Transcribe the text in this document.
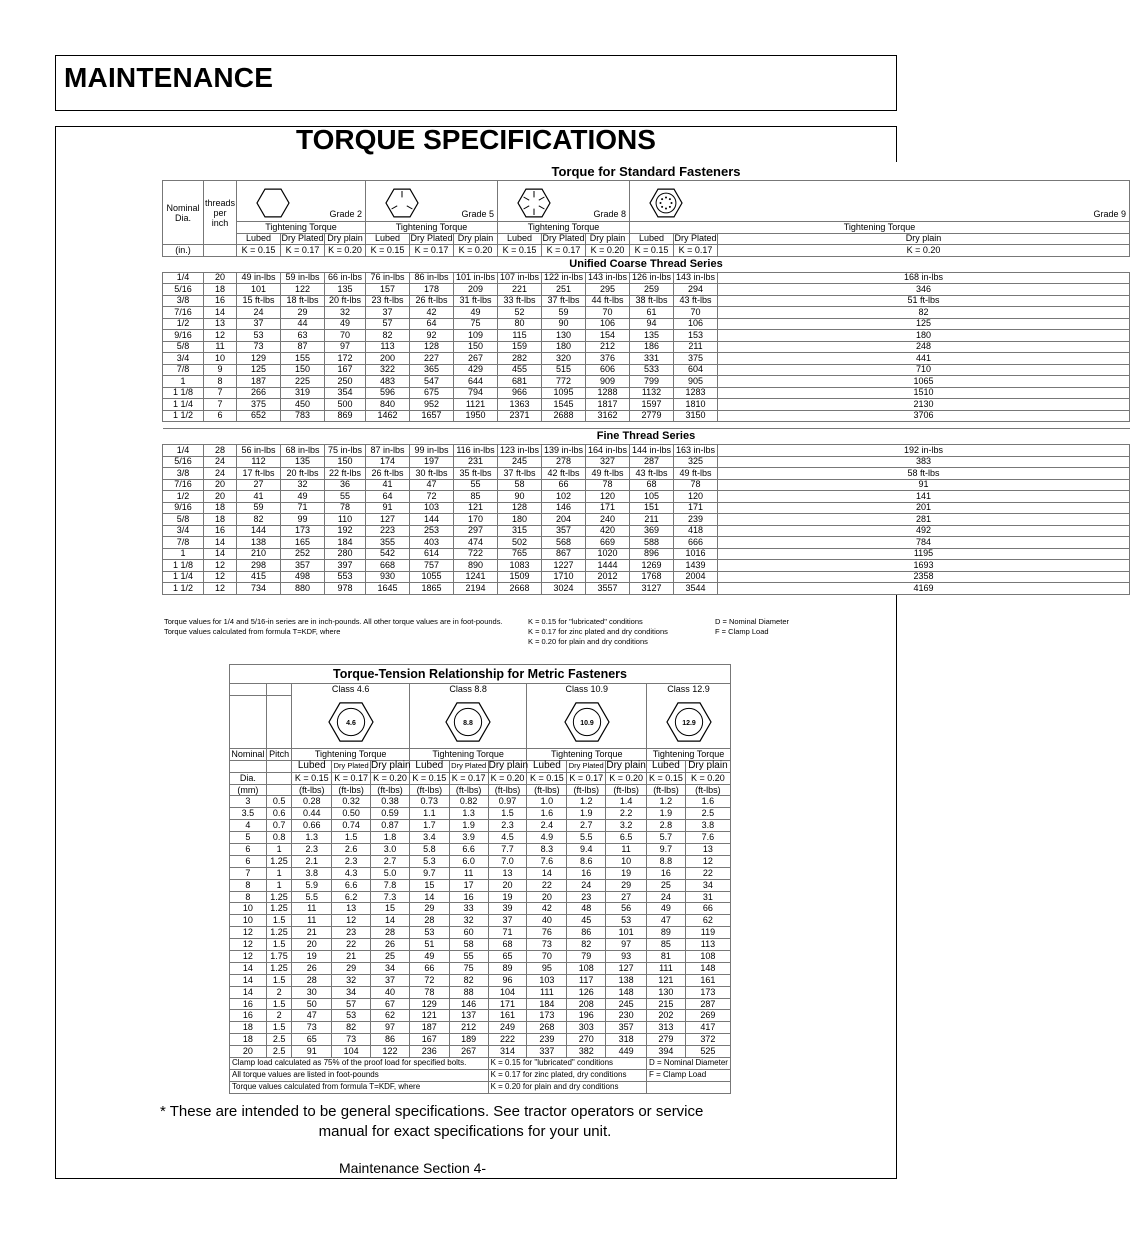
MAINTENANCE
TORQUE SPECIFICATIONS
Torque for Standard Fasteners														
Nominal Dia.	threads per inch	Grade 2			Grade 5			Grade 8			Grade 9			

		Tightening Torque			Tightening Torque			Tightening Torque			Tightening Torque			
		Lubed	Dry Plated	Dry plain	Lubed	Dry Plated	Dry plain	Lubed	Dry Plated	Dry plain	Lubed	Dry Plated	Dry plain	
(in.)		K = 0.15	K = 0.17	K = 0.20	K = 0.15	K = 0.17	K = 0.20	K = 0.15	K = 0.17	K = 0.20	K = 0.15	K = 0.17	K = 0.20	
Unified Coarse Thread Series														
1/4	20	49 in-lbs	59 in-lbs	66 in-lbs	76 in-lbs	86 in-lbs	101 in-lbs	107 in-lbs	122 in-lbs	143 in-lbs	126 in-lbs	143 in-lbs	168 in-lbs	
5/16	18	101	122	135	157	178	209	221	251	295	259	294	346	
3/8	16	15 ft-lbs	18 ft-lbs	20 ft-lbs	23 ft-lbs	26 ft-lbs	31 ft-lbs	33 ft-lbs	37 ft-lbs	44 ft-lbs	38 ft-lbs	43 ft-lbs	51 ft-lbs	
7/16	14	24	29	32	37	42	49	52	59	70	61	70	82	
1/2	13	37	44	49	57	64	75	80	90	106	94	106	125	
9/16	12	53	63	70	82	92	109	115	130	154	135	153	180	
5/8	11	73	87	97	113	128	150	159	180	212	186	211	248	
3/4	10	129	155	172	200	227	267	282	320	376	331	375	441	
7/8	9	125	150	167	322	365	429	455	515	606	533	604	710	
1	8	187	225	250	483	547	644	681	772	909	799	905	1065	
1 1/8	7	266	319	354	596	675	794	966	1095	1288	1132	1283	1510	
1 1/4	7	375	450	500	840	952	1121	1363	1545	1817	1597	1810	2130	
1 1/2	6	652	783	869	1462	1657	1950	2371	2688	3162	2779	3150	3706	

Fine Thread Series														
1/4	28	56 in-lbs	68 in-lbs	75 in-lbs	87 in-lbs	99 in-lbs	116 in-lbs	123 in-lbs	139 in-lbs	164 in-lbs	144 in-lbs	163 in-lbs	192 in-lbs	
5/16	24	112	135	150	174	197	231	245	278	327	287	325	383	
3/8	24	17 ft-lbs	20 ft-lbs	22 ft-lbs	26 ft-lbs	30 ft-lbs	35 ft-lbs	37 ft-lbs	42 ft-lbs	49 ft-lbs	43 ft-lbs	49 ft-lbs	58 ft-lbs	
7/16	20	27	32	36	41	47	55	58	66	78	68	78	91	
1/2	20	41	49	55	64	72	85	90	102	120	105	120	141	
9/16	18	59	71	78	91	103	121	128	146	171	151	171	201	
5/8	18	82	99	110	127	144	170	180	204	240	211	239	281	
3/4	16	144	173	192	223	253	297	315	357	420	369	418	492	
7/8	14	138	165	184	355	403	474	502	568	669	588	666	784	
1	14	210	252	280	542	614	722	765	867	1020	896	1016	1195	
1 1/8	12	298	357	397	668	757	890	1083	1227	1444	1269	1439	1693	
1 1/4	12	415	498	553	930	1055	1241	1509	1710	2012	1768	2004	2358	
1 1/2	12	734	880	978	1645	1865	2194	2668	3024	3557	3127	3544	4169	
Torque values for 1/4 and 5/16-in series are in inch-pounds. All other torque values are in foot-pounds.
Torque values calculated from formula T=KDF, where
K = 0.15 for "lubricated" conditions
K = 0.17 for zinc plated and dry conditions
K = 0.20 for plain and dry conditions
D = Nominal Diameter
F = Clamp Load
Torque-Tension Relationship for Metric Fasteners												
		Class 4.6			Class 8.8			Class 10.9			Class 12.9	

4.6			8.8			10.9			12.9	

Nominal	Pitch	Tightening Torque			Tightening Torque			Tightening Torque			Tightening Torque	
		Lubed	Dry Plated	Dry plain	Lubed	Dry Plated	Dry plain	Lubed	Dry Plated	Dry plain	Lubed	Dry plain
Dia.		K = 0.15	K = 0.17	K = 0.20	K = 0.15	K = 0.17	K = 0.20	K = 0.15	K = 0.17	K = 0.20	K = 0.15	K = 0.20
(mm)		(ft-lbs)	(ft-lbs)	(ft-lbs)	(ft-lbs)	(ft-lbs)	(ft-lbs)	(ft-lbs)	(ft-lbs)	(ft-lbs)	(ft-lbs)	(ft-lbs)
3	0.5	0.28	0.32	0.38	0.73	0.82	0.97	1.0	1.2	1.4	1.2	1.6
3.5	0.6	0.44	0.50	0.59	1.1	1.3	1.5	1.6	1.9	2.2	1.9	2.5
4	0.7	0.66	0.74	0.87	1.7	1.9	2.3	2.4	2.7	3.2	2.8	3.8
5	0.8	1.3	1.5	1.8	3.4	3.9	4.5	4.9	5.5	6.5	5.7	7.6
6	1	2.3	2.6	3.0	5.8	6.6	7.7	8.3	9.4	11	9.7	13
6	1.25	2.1	2.3	2.7	5.3	6.0	7.0	7.6	8.6	10	8.8	12
7	1	3.8	4.3	5.0	9.7	11	13	14	16	19	16	22
8	1	5.9	6.6	7.8	15	17	20	22	24	29	25	34
8	1.25	5.5	6.2	7.3	14	16	19	20	23	27	24	31
10	1.25	11	13	15	29	33	39	42	48	56	49	66
10	1.5	11	12	14	28	32	37	40	45	53	47	62
12	1.25	21	23	28	53	60	71	76	86	101	89	119
12	1.5	20	22	26	51	58	68	73	82	97	85	113
12	1.75	19	21	25	49	55	65	70	79	93	81	108
14	1.25	26	29	34	66	75	89	95	108	127	111	148
14	1.5	28	32	37	72	82	96	103	117	138	121	161
14	2	30	34	40	78	88	104	111	126	148	130	173
16	1.5	50	57	67	129	146	171	184	208	245	215	287
16	2	47	53	62	121	137	161	173	196	230	202	269
18	1.5	73	82	97	187	212	249	268	303	357	313	417
18	2.5	65	73	86	167	189	222	239	270	318	279	372
20	2.5	91	104	122	236	267	314	337	382	449	394	525
Clamp load calculated as 75% of the proof load for specified bolts.							K = 0.15 for "lubricated" conditions				D = Nominal Diameter	
All torque values are listed in foot-pounds							K = 0.17 for zinc plated, dry conditions				F = Clamp Load	
Torque values calculated from formula T=KDF, where							K = 0.20 for plain and dry conditions					
* These are intended to be general specifications. See tractor operators or service
manual for exact specifications for your unit.
Maintenance Section 4-
